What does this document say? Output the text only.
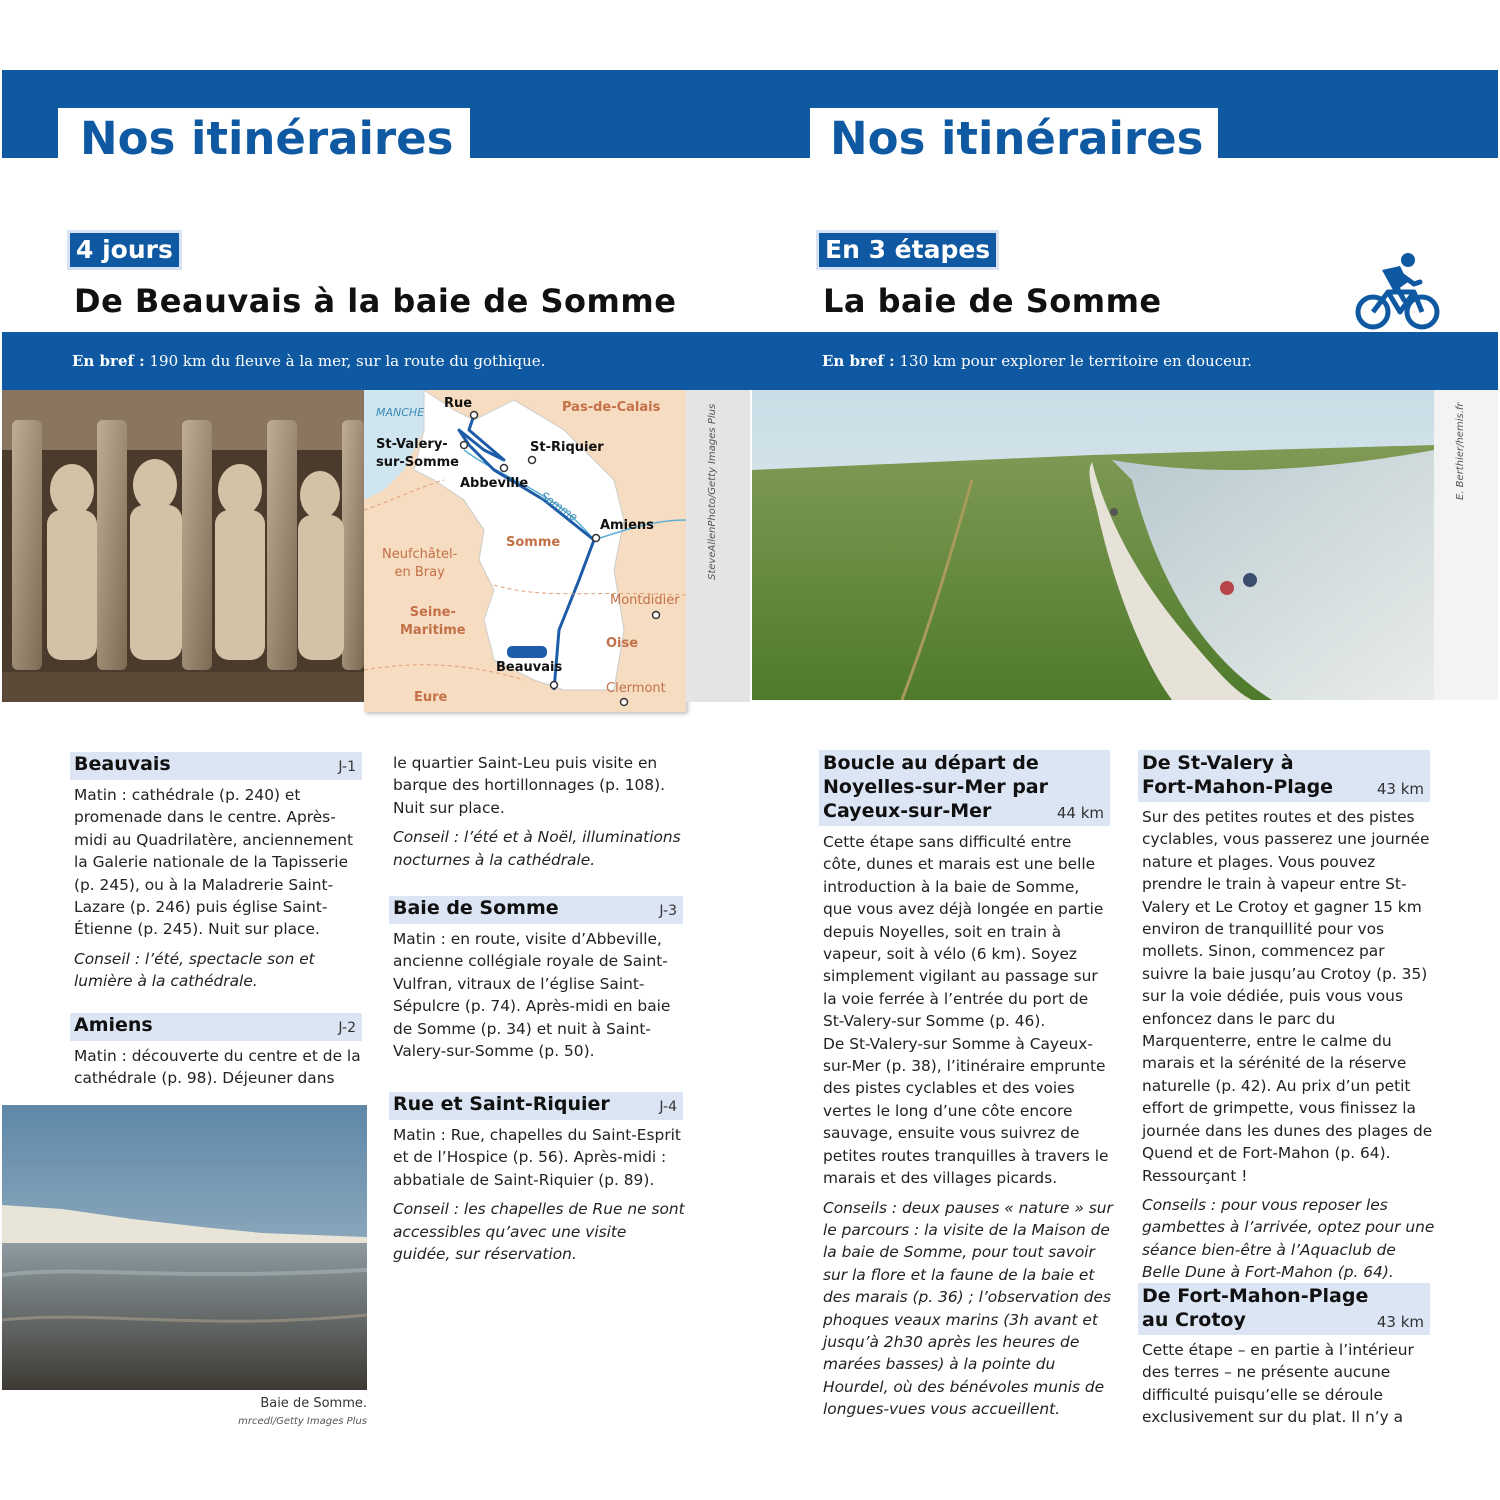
Nos itinéraires	Nos itinéraires
4 jours	En 3 étapes
De Beauvais à la baie de Somme	La baie de Somme
En bref : 190 km du fleuve à la mer, sur la route du gothique.	En bref : 130 km pour explorer le territoire en douceur.
MANCHE	Pas-de-Calais
Somme
Seine-
Maritime
Oise
Eure
Rue
St-Valery-
sur-Somme
St-Riquier
Abbeville
Amiens
Neufchâtel-
en Bray
Montdidier
Beauvais
Clermont
Somme	SteveAllenPhoto/Getty Images Plus	E. Berthier/hemis.fr
Beauvais	J-1

Matin : cathédrale (p. 240) et promenade dans le centre. Après-midi au Quadrilatère, anciennement la Galerie nationale de la Tapisserie (p. 245), ou à la Maladrerie Saint-Lazare (p. 246) puis église Saint-Étienne (p. 245). Nuit sur place.

Conseil : l’été, spectacle son et lumière à la cathédrale.

Amiens	J-2

Matin : découverte du centre et de la cathédrale (p. 98). Déjeuner dans

Baie de Somme.
mrcedl/Getty Images Plus

le quartier Saint-Leu puis visite en barque des hortillonnages (p. 108). Nuit sur place.

Conseil : l’été et à Noël, illuminations nocturnes à la cathédrale.

Baie de Somme	J-3

Matin : en route, visite d’Abbeville, ancienne collégiale royale de Saint-Vulfran, vitraux de l’église Saint-Sépulcre (p. 74). Après-midi en baie de Somme (p. 34) et nuit à Saint-Valery-sur-Somme (p. 50).

Rue et Saint-Riquier	J-4

Matin : Rue, chapelles du Saint-Esprit et de l’Hospice (p. 56). Après-midi : abbatiale de Saint-Riquier (p. 89).

Conseil : les chapelles de Rue ne sont accessibles qu’avec une visite guidée, sur réservation.

Boucle au départ de Noyelles-sur-Mer par Cayeux-sur-Mer	44 km
Cette étape sans difficulté entre côte, dunes et marais est une belle introduction à la baie de Somme, que vous avez déjà longée en partie depuis Noyelles, soit en train à vapeur, soit à vélo (6 km). Soyez simplement vigilant au passage sur la voie ferrée à l’entrée du port de St-Valery-sur Somme (p. 46).

De St-Valery-sur Somme à Cayeux-sur-Mer (p. 38), l’itinéraire emprunte des pistes cyclables et des voies vertes le long d’une côte encore sauvage, ensuite vous suivrez de petites routes tranquilles à travers le marais et des villages picards.

Conseils : deux pauses « nature » sur le parcours : la visite de la Maison de la baie de Somme, pour tout savoir sur la flore et la faune de la baie et des marais (p. 36) ; l’observation des phoques veaux marins (3h avant et jusqu’à 2h30 après les heures de marées basses) à la pointe du Hourdel, où des bénévoles munis de longues-vues vous accueillent.

De St-Valery à Fort-Mahon-Plage	43 km

Sur des petites routes et des pistes cyclables, vous passerez une journée nature et plages. Vous pouvez prendre le train à vapeur entre St-Valery et Le Crotoy et gagner 15 km environ de tranquillité pour vos mollets. Sinon, commencez par suivre la baie jusqu’au Crotoy (p. 35) sur la voie dédiée, puis vous vous enfoncez dans le parc du Marquenterre, entre le calme du marais et la sérénité de la réserve naturelle (p. 42). Au prix d’un petit effort de grimpette, vous finissez la journée dans les dunes des plages de Quend et de Fort-Mahon (p. 64). Ressourçant !

Conseils : pour vous reposer les gambettes à l’arrivée, optez pour une séance bien-être à l’Aquaclub de Belle Dune à Fort-Mahon (p. 64).

De Fort-Mahon-Plage au Crotoy	43 km

Cette étape – en partie à l’intérieur des terres – ne présente aucune difficulté puisqu’elle se déroule exclusivement sur du plat. Il n’y a
